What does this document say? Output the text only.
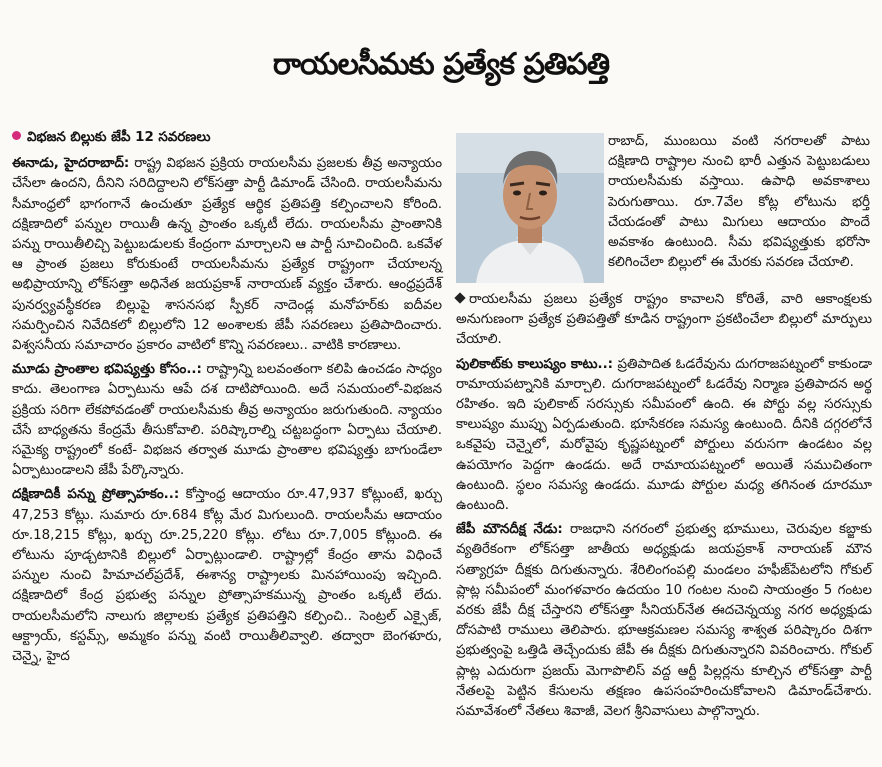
రాయలసీమకు ప్రత్యేక ప్రతిపత్తి

విభజన బిల్లుకు జేపీ 12 సవరణలు

ఈనాడు, హైదరాబాద్: రాష్ట్ర విభజన ప్రక్రియ రాయలసీమ ప్రజలకు తీవ్ర అన్యాయం చేసేలా ఉందని, దీనిని సరిదిద్దాలని లోక్‌సత్తా పార్టీ డిమాండ్ చేసింది. రాయలసీమను సీమాంధ్రలో భాగంగానే ఉంచుతూ ప్రత్యేక ఆర్థిక ప్రతిపత్తి కల్పించాలని కోరింది. దక్షిణాదిలో పన్నుల రాయితీ ఉన్న ప్రాంతం ఒక్కటీ లేదు. రాయలసీమ ప్రాంతానికి పన్ను రాయితీలిచ్చి పెట్టుబడులకు కేంద్రంగా మార్చాలని ఆ పార్టీ సూచించింది. ఒకవేళ ఆ ప్రాంత ప్రజలు కోరుకుంటే రాయలసీమను ప్రత్యేక రాష్ట్రంగా చేయాలన్న అభిప్రాయాన్ని లోక్‌సత్తా అధినేత జయప్రకాశ్ నారాయణ్ వ్యక్తం చేశారు. ఆంధ్రప్రదేశ్ పునర్వ్యవస్థీకరణ బిల్లుపై శాసనసభ స్పీకర్ నాదెండ్ల మనోహర్‌కు ఐదీవల సమర్పించిన నివేదికలో బిల్లులోని 12 అంశాలకు జేపీ సవరణలు ప్రతిపాదించారు. విశ్వసనీయ సమాచారం ప్రకారం వాటిలో కొన్ని సవరణలు.. వాటికి కారణాలు.

మూడు ప్రాంతాల భవిష్యత్తు కోసం..: రాష్ట్రాన్ని బలవంతంగా కలిపి ఉంచడం సాధ్యం కాదు. తెలంగాణ ఏర్పాటును ఆపే దశ దాటిపోయింది. అదే సమయంలో-విభజన ప్రక్రియ సరిగా లేకపోవడంతో రాయలసీమకు తీవ్ర అన్యాయం జరుగుతుంది. న్యాయం చేసే బాధ్యతను కేంద్రమే తీసుకోవాలి. పరిష్కారాల్ని చట్టబద్ధంగా ఏర్పాటు చేయాలి. సమైక్య రాష్ట్రంలో కంటే- విభజన తర్వాత మూడు ప్రాంతాల భవిష్యత్తు బాగుండేలా ఏర్పాటుండాలని జేపీ పేర్కొన్నారు.

దక్షిణాదికీ పన్ను ప్రోత్సాహకం..: కోస్తాంధ్ర ఆదాయం రూ.47,937 కోట్లుంటే, ఖర్చు 47,253 కోట్లు. సుమారు రూ.684 కోట్ల మేర మిగులుంది. రాయలసీమ ఆదాయం రూ.18,215 కోట్లు, ఖర్చు రూ.25,220 కోట్లు. లోటు రూ.7,005 కోట్లుంది. ఈ లోటును పూడ్చటానికి బిల్లులో ఏర్పాట్లుండాలి. రాష్ట్రాల్లో కేంద్రం తాను విధించే పన్నుల నుంచి హిమాచల్‌ప్రదేశ్, ఈశాన్య రాష్ట్రాలకు మినహాయింపు ఇచ్చింది. దక్షిణాదిలో కేంద్ర ప్రభుత్వ పన్నుల ప్రోత్సాహకమున్న ప్రాంతం ఒక్కటీ లేదు. రాయలసీమలోని నాలుగు జిల్లాలకు ప్రత్యేక ప్రతిపత్తిని కల్పించి.. సెంట్రల్ ఎక్సైజ్, ఆక్ట్రాయ్, కస్టమ్స్, అమ్మకం పన్ను వంటి రాయితీలివ్వాలి. తద్వారా బెంగళూరు, చెన్నై, హైద

రాబాద్, ముంబయి వంటి నగరాలతో పాటు దక్షిణాది రాష్ట్రాల నుంచి భారీ ఎత్తున పెట్టుబడులు రాయలసీమకు వస్తాయి. ఉపాధి అవకాశాలు పెరుగుతాయి. రూ.7వేల కోట్ల లోటును భర్తీ చేయడంతో పాటు మిగులు ఆదాయం పొందే అవకాశం ఉంటుంది. సీమ భవిష్యత్తుకు భరోసా కలిగించేలా బిల్లులో ఈ మేరకు సవరణ చేయాలి.

రాయలసీమ ప్రజలు ప్రత్యేక రాష్ట్రం కావాలని కోరితే, వారి ఆకాంక్షలకు అనుగుణంగా ప్రత్యేక ప్రతిపత్తితో కూడిన రాష్ట్రంగా ప్రకటించేలా బిల్లులో మార్పులు చేయాలి.

పులికాట్‌కు కాలుష్యం కాటు..: ప్రతిపాదిత ఓడరేవును దుగరాజపట్నంలో కాకుండా రామాయపట్నానికి మార్చాలి. దుగరాజపట్నంలో ఓడరేవు నిర్మాణ ప్రతిపాదన అర్థ రహితం. ఇది పులికాట్ సరస్సుకు సమీపంలో ఉంది. ఈ పోర్టు వల్ల సరస్సుకు కాలుష్యం ముప్పు ఏర్పడుతుంది. భూసేకరణ సమస్య ఉంటుంది. దీనికి దగ్గరలోనే ఒకవైపు చెన్నైలో, మరోవైపు కృష్ణపట్నంలో పోర్టులు వరుసగా ఉండటం వల్ల ఉపయోగం పెద్దగా ఉండదు. అదే రామాయపట్నంలో అయితే సముచితంగా ఉంటుంది. స్థలం సమస్య ఉండదు. మూడు పోర్టుల మధ్య తగినంత దూరమూ ఉంటుంది.

జేపీ మౌనదీక్ష నేడు: రాజధాని నగరంలో ప్రభుత్వ భూములు, చెరువుల కబ్జాకు వ్యతిరేకంగా లోక్‌సత్తా జాతీయ అధ్యక్షుడు జయప్రకాశ్ నారాయణ్ మౌన సత్యాగ్రహ దీక్షకు దిగుతున్నారు. శేరిలింగంపల్లి మండలం హఫీజ్‌పేటలోని గోకుల్ ప్లాట్ల సమీపంలో మంగళవారం ఉదయం 10 గంటల నుంచి సాయంత్రం 5 గంటల వరకు జేపీ దీక్ష చేస్తారని లోక్‌సత్తా సీనియర్‌నేత ఈదచెన్నయ్య నగర అధ్యక్షుడు దోసపాటి రాములు తెలిపారు. భూఆక్రమణల సమస్య శాశ్వత పరిష్కారం దిశగా ప్రభుత్వంపై ఒత్తిడి తెచ్చేందుకు జేపీ ఈ దీక్షకు దిగుతున్నారని వివరించారు. గోకుల్ ప్లాట్ల ఎదురుగా ప్రజయ్ మెగాపొలిస్ వద్ద ఆర్టీ పిల్లర్లను కూల్చిన లోక్‌సత్తా పార్టీ నేతలపై పెట్టిన కేసులను తక్షణం ఉపసంహరించుకోవాలని డిమాండ్‌చేశారు. సమావేశంలో నేతలు శివాజీ, వెలగ శ్రీనివాసులు పాల్గొన్నారు.
